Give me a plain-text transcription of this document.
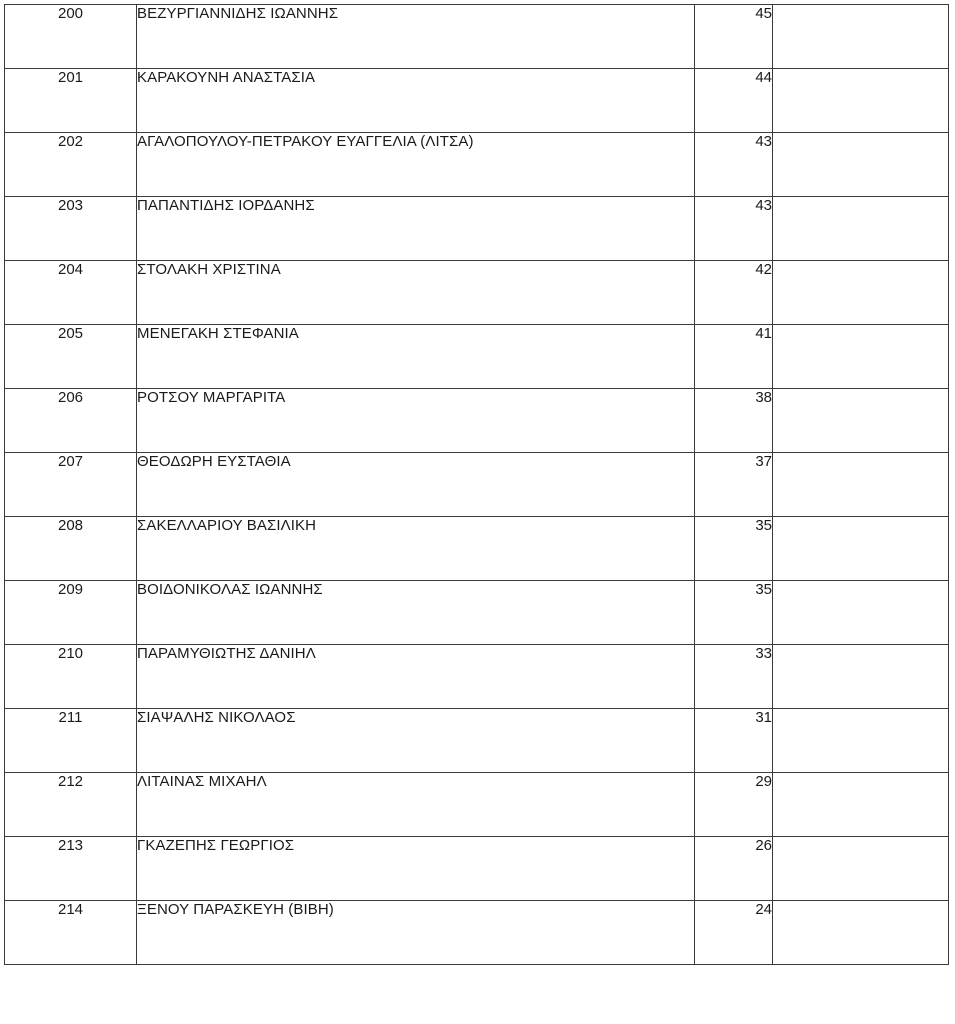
200	ΒΕΖΥΡΓΙΑΝΝΙΔΗΣ ΙΩΑΝΝΗΣ	45	
201	ΚΑΡΑΚΟΥΝΗ ΑΝΑΣΤΑΣΙΑ	44	
202	ΑΓΑΛΟΠΟΥΛΟΥ-ΠΕΤΡΑΚΟΥ ΕΥΑΓΓΕΛΙΑ (ΛΙΤΣΑ)	43	
203	ΠΑΠΑΝΤΙΔΗΣ ΙΟΡΔΑΝΗΣ	43	
204	ΣΤΟΛΑΚΗ ΧΡΙΣΤΙΝΑ	42	
205	ΜΕΝΕΓΑΚΗ ΣΤΕΦΑΝΙΑ	41	
206	ΡΟΤΣΟΥ ΜΑΡΓΑΡΙΤΑ	38	
207	ΘΕΟΔΩΡΗ ΕΥΣΤΑΘΙΑ	37	
208	ΣΑΚΕΛΛΑΡΙΟΥ ΒΑΣΙΛΙΚΗ	35	
209	ΒΟΙΔΟΝΙΚΟΛΑΣ ΙΩΑΝΝΗΣ	35	
210	ΠΑΡΑΜΥΘΙΩΤΗΣ ΔΑΝΙΗΛ	33	
211	ΣΙΑΨΑΛΗΣ ΝΙΚΟΛΑΟΣ	31	
212	ΛΙΤΑΙΝΑΣ ΜΙΧΑΗΛ	29	
213	ΓΚΑΖΕΠΗΣ ΓΕΩΡΓΙΟΣ	26	
214	ΞΕΝΟΥ ΠΑΡΑΣΚΕΥΗ (ΒΙΒΗ)	24	
